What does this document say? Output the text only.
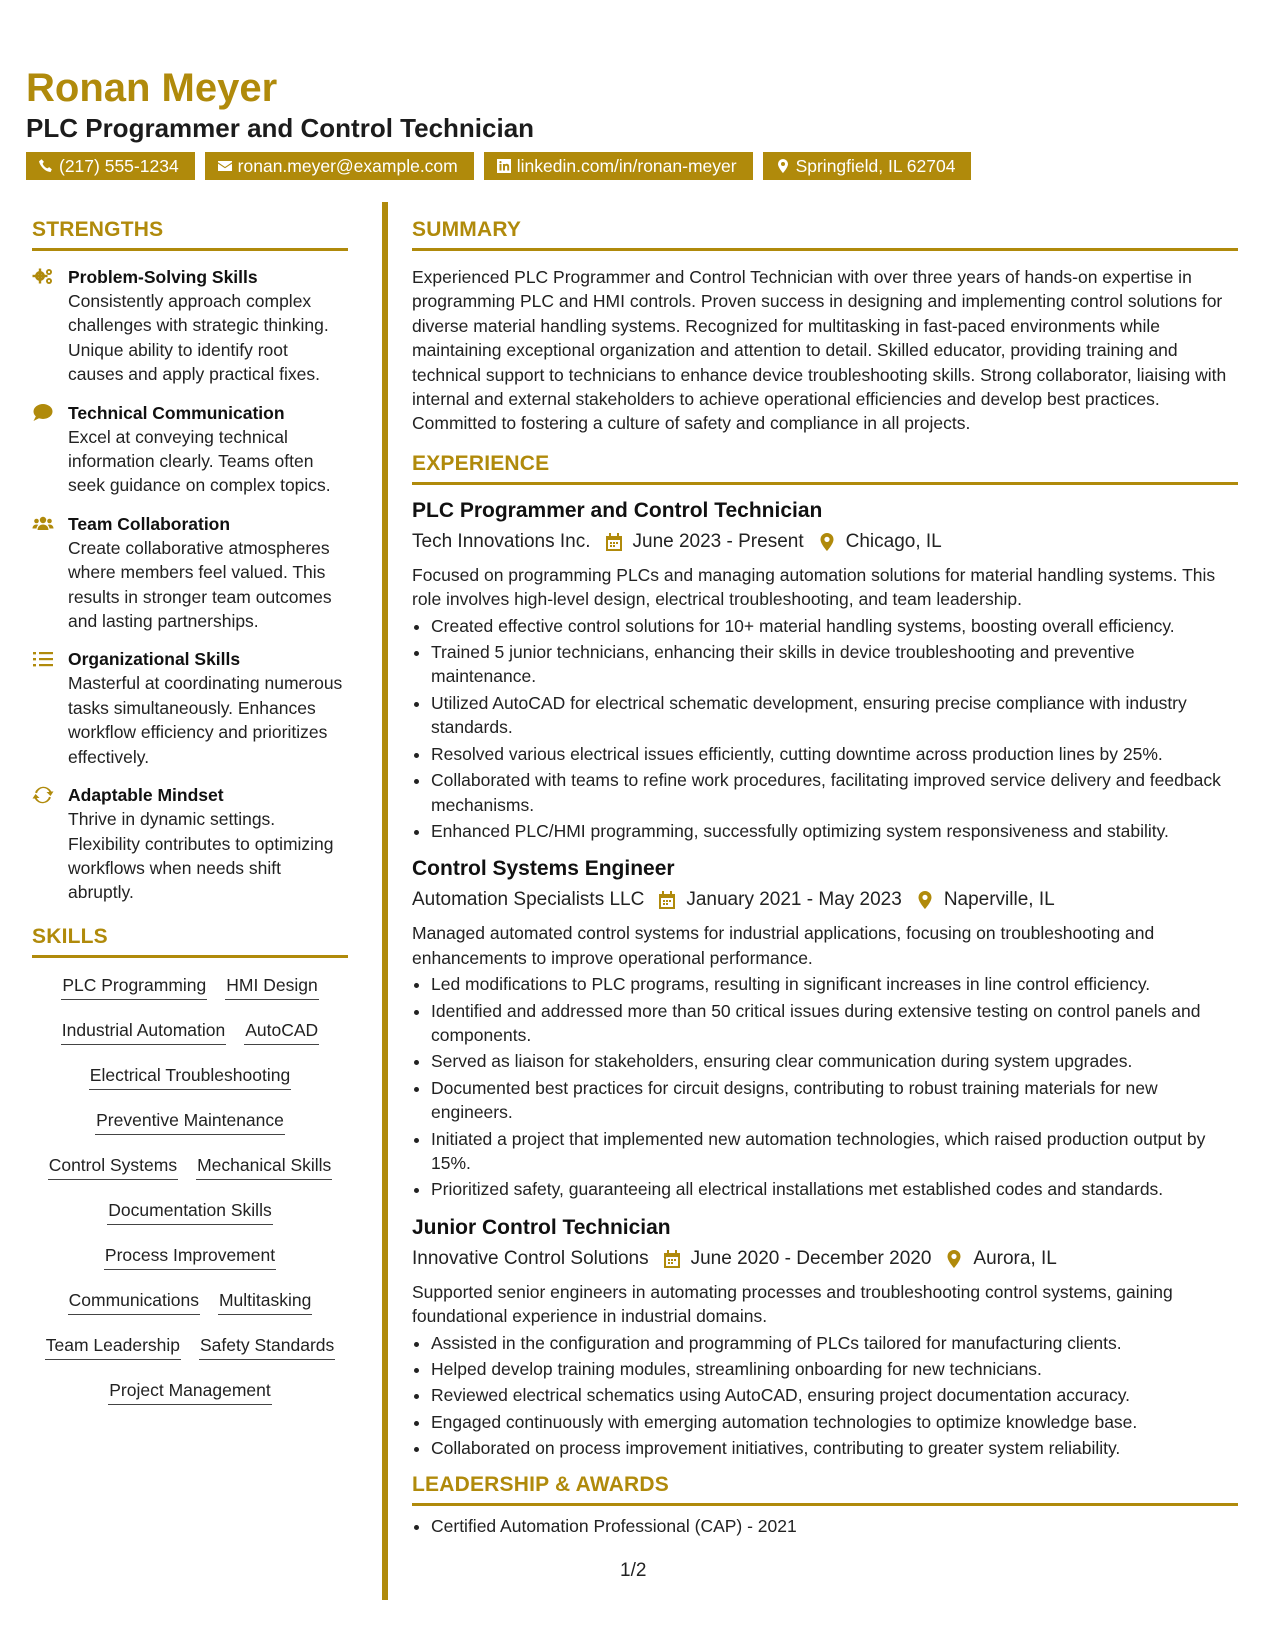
Ronan Meyer
PLC Programmer and Control Technician
(217) 555-1234	ronan.meyer@example.com	linkedin.com/in/ronan-meyer	Springfield, IL 62704
STRENGTHS
Problem-Solving Skills

Consistently approach complex challenges with strategic thinking. Unique ability to identify root causes and apply practical fixes.

Technical Communication

Excel at conveying technical information clearly. Teams often seek guidance on complex topics.

Team Collaboration

Create collaborative atmospheres where members feel valued. This results in stronger team outcomes and lasting partnerships.

Organizational Skills

Masterful at coordinating numerous tasks simultaneously. Enhances workflow efficiency and prioritizes effectively.

Adaptable Mindset

Thrive in dynamic settings. Flexibility contributes to optimizing workflows when needs shift abruptly.

SKILLS
PLC Programming HMI Design
Industrial Automation AutoCAD
Electrical Troubleshooting
Preventive Maintenance
Control Systems Mechanical Skills
Documentation Skills
Process Improvement
Communications Multitasking
Team Leadership Safety Standards
Project Management
SUMMARY

Experienced PLC Programmer and Control Technician with over three years of hands-on expertise in programming PLC and HMI controls. Proven success in designing and implementing control solutions for diverse material handling systems. Recognized for multitasking in fast-paced environments while maintaining exceptional organization and attention to detail. Skilled educator, providing training and technical support to technicians to enhance device troubleshooting skills. Strong collaborator, liaising with internal and external stakeholders to achieve operational efficiencies and develop best practices. Committed to fostering a culture of safety and compliance in all projects.

EXPERIENCE
PLC Programmer and Control Technician
Tech Innovations Inc. June 2023 - Present Chicago, IL

Focused on programming PLCs and managing automation solutions for material handling systems. This role involves high-level design, electrical troubleshooting, and team leadership.

• Created effective control solutions for 10+ material handling systems, boosting overall efficiency.
• Trained 5 junior technicians, enhancing their skills in device troubleshooting and preventive maintenance.
• Utilized AutoCAD for electrical schematic development, ensuring precise compliance with industry standards.
• Resolved various electrical issues efficiently, cutting downtime across production lines by 25%.
• Collaborated with teams to refine work procedures, facilitating improved service delivery and feedback mechanisms.
• Enhanced PLC/HMI programming, successfully optimizing system responsiveness and stability.
Control Systems Engineer
Automation Specialists LLC January 2021 - May 2023 Naperville, IL

Managed automated control systems for industrial applications, focusing on troubleshooting and enhancements to improve operational performance.

• Led modifications to PLC programs, resulting in significant increases in line control efficiency.
• Identified and addressed more than 50 critical issues during extensive testing on control panels and components.
• Served as liaison for stakeholders, ensuring clear communication during system upgrades.
• Documented best practices for circuit designs, contributing to robust training materials for new engineers.
• Initiated a project that implemented new automation technologies, which raised production output by 15%.
• Prioritized safety, guaranteeing all electrical installations met established codes and standards.
Junior Control Technician
Innovative Control Solutions June 2020 - December 2020 Aurora, IL

Supported senior engineers in automating processes and troubleshooting control systems, gaining foundational experience in industrial domains.

• Assisted in the configuration and programming of PLCs tailored for manufacturing clients.
• Helped develop training modules, streamlining onboarding for new technicians.
• Reviewed electrical schematics using AutoCAD, ensuring project documentation accuracy.
• Engaged continuously with emerging automation technologies to optimize knowledge base.
• Collaborated on process improvement initiatives, contributing to greater system reliability.
LEADERSHIP & AWARDS
• Certified Automation Professional (CAP) - 2021
1/2
